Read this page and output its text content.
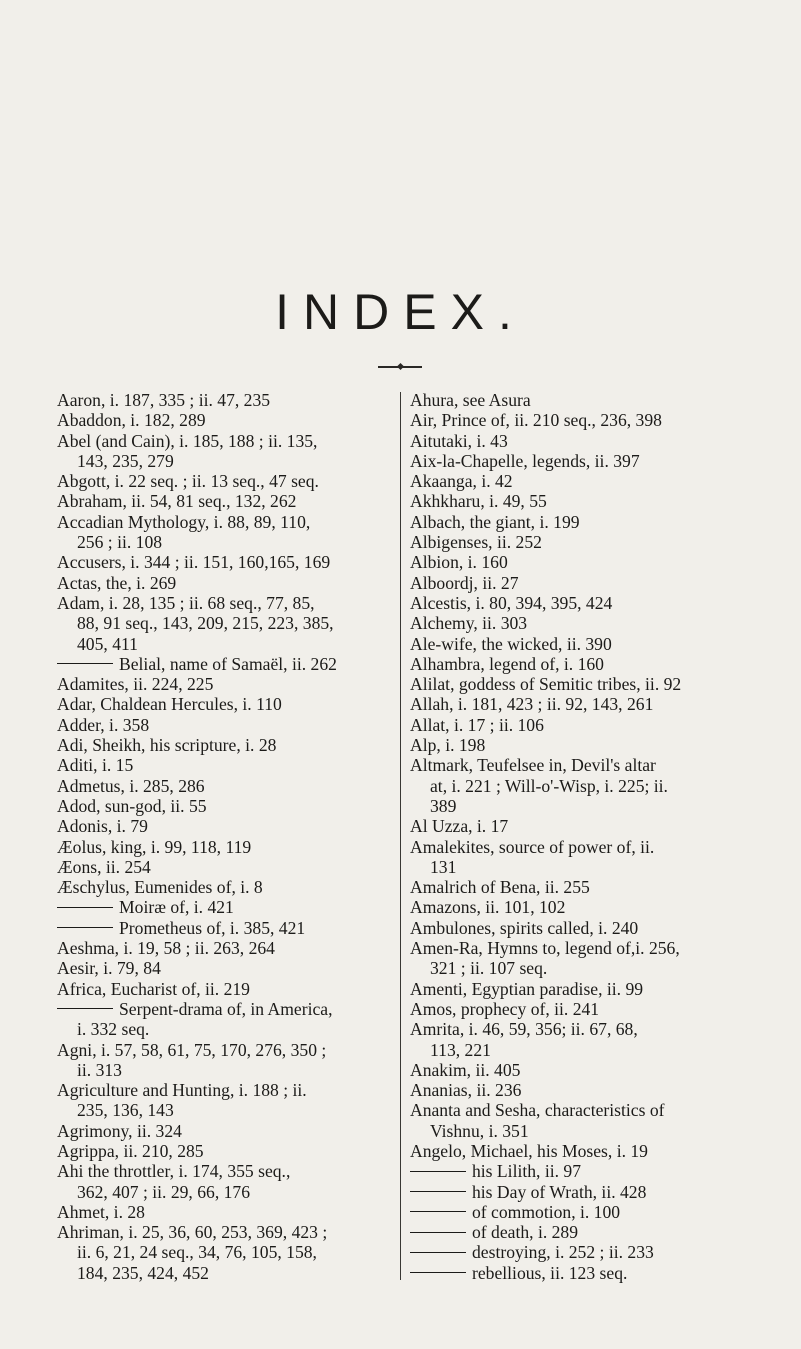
INDEX.
Aaron, i. 187, 335 ; ii. 47, 235
Abaddon, i. 182, 289
Abel (and Cain), i. 185, 188 ; ii. 135,
143, 235, 279
Abgott, i. 22 seq. ; ii. 13 seq., 47 seq.
Abraham, ii. 54, 81 seq., 132, 262
Accadian Mythology, i. 88, 89, 110,
256 ; ii. 108
Accusers, i. 344 ; ii. 151, 160,165, 169
Actas, the, i. 269
Adam, i. 28, 135 ; ii. 68 seq., 77, 85,
88, 91 seq., 143, 209, 215, 223, 385,
405, 411
Belial, name of Samaël, ii. 262
Adamites, ii. 224, 225
Adar, Chaldean Hercules, i. 110
Adder, i. 358
Adi, Sheikh, his scripture, i. 28
Aditi, i. 15
Admetus, i. 285, 286
Adod, sun-god, ii. 55
Adonis, i. 79
Æolus, king, i. 99, 118, 119
Æons, ii. 254
Æschylus, Eumenides of, i. 8
Moiræ of, i. 421
Prometheus of, i. 385, 421
Aeshma, i. 19, 58 ; ii. 263, 264
Aesir, i. 79, 84
Africa, Eucharist of, ii. 219
Serpent-drama of, in America,
i. 332 seq.
Agni, i. 57, 58, 61, 75, 170, 276, 350 ;
ii. 313
Agriculture and Hunting, i. 188 ; ii.
235, 136, 143
Agrimony, ii. 324
Agrippa, ii. 210, 285
Ahi the throttler, i. 174, 355 seq.,
362, 407 ; ii. 29, 66, 176
Ahmet, i. 28
Ahriman, i. 25, 36, 60, 253, 369, 423 ;
ii. 6, 21, 24 seq., 34, 76, 105, 158,
184, 235, 424, 452
Ahura, see Asura
Air, Prince of, ii. 210 seq., 236, 398
Aitutaki, i. 43
Aix-la-Chapelle, legends, ii. 397
Akaanga, i. 42
Akhkharu, i. 49, 55
Albach, the giant, i. 199
Albigenses, ii. 252
Albion, i. 160
Alboordj, ii. 27
Alcestis, i. 80, 394, 395, 424
Alchemy, ii. 303
Ale-wife, the wicked, ii. 390
Alhambra, legend of, i. 160
Alilat, goddess of Semitic tribes, ii. 92
Allah, i. 181, 423 ; ii. 92, 143, 261
Allat, i. 17 ; ii. 106
Alp, i. 198
Altmark, Teufelsee in, Devil's altar
at, i. 221 ; Will-o'-Wisp, i. 225; ii.
389
Al Uzza, i. 17
Amalekites, source of power of, ii.
131
Amalrich of Bena, ii. 255
Amazons, ii. 101, 102
Ambulones, spirits called, i. 240
Amen-Ra, Hymns to, legend of,i. 256,
321 ; ii. 107 seq.
Amenti, Egyptian paradise, ii. 99
Amos, prophecy of, ii. 241
Amrita, i. 46, 59, 356; ii. 67, 68,
113, 221
Anakim, ii. 405
Ananias, ii. 236
Ananta and Sesha, characteristics of
Vishnu, i. 351
Angelo, Michael, his Moses, i. 19
his Lilith, ii. 97
his Day of Wrath, ii. 428
of commotion, i. 100
of death, i. 289
destroying, i. 252 ; ii. 233
rebellious, ii. 123 seq.
